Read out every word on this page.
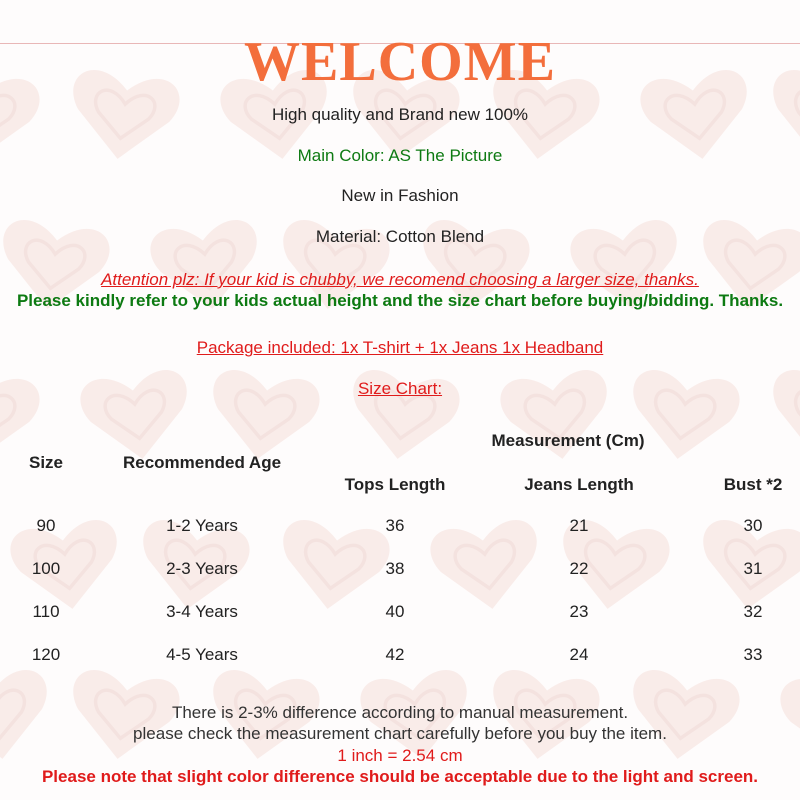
WELCOME
High quality and Brand new 100%
Main Color: AS The Picture
New in Fashion
Material: Cotton Blend
Attention plz: If your kid is chubby, we recomend choosing a larger size, thanks.
Please kindly refer to your kids actual height and the size chart before buying/bidding. Thanks.
Package included: 1x T-shirt + 1x Jeans 1x Headband
Size Chart:
Measurement (Cm)
Size	Recommended Age
Tops Length	Jeans Length	Bust *2
90	1-2 Years	36	21	30
100	2-3 Years	38	22	31
110	3-4 Years	40	23	32
120	4-5 Years	42	24	33
There is 2-3% difference according to manual measurement.
please check the measurement chart carefully before you buy the item.
1 inch = 2.54 cm
Please note that slight color difference should be acceptable due to the light and screen.
